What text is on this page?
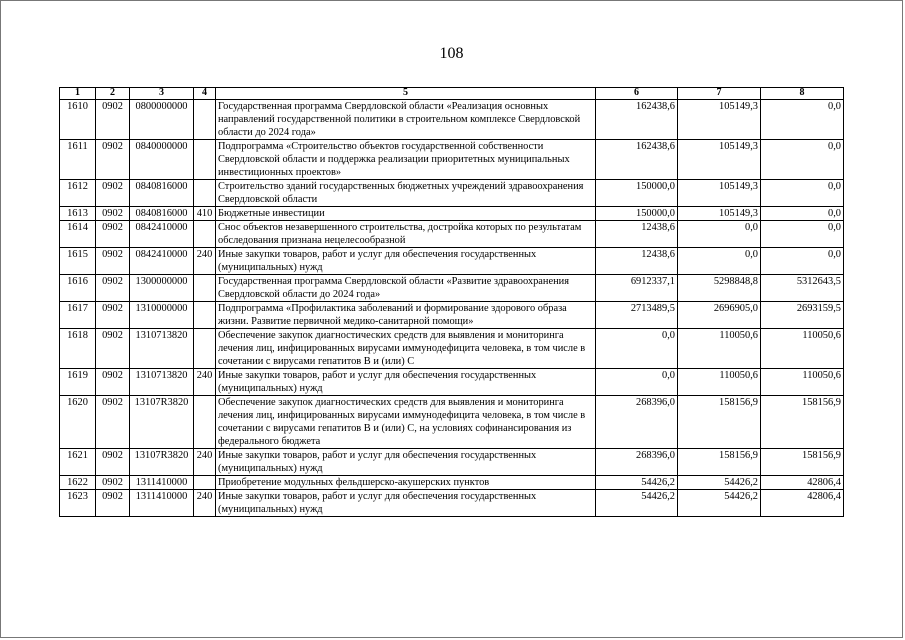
108
1	2	3	4	5	6	7	8
1610	0902	0800000000		Государственная программа Свердловской области «Реализация основных направлений государственной политики в строительном комплексе Свердловской области до 2024 года»	162438,6	105149,3	0,0
1611	0902	0840000000		Подпрограмма «Строительство объектов государственной собственности Свердловской области и поддержка реализации приоритетных муниципальных инвестиционных проектов»	162438,6	105149,3	0,0
1612	0902	0840816000		Строительство зданий государственных бюджетных учреждений здравоохранения Свердловской области	150000,0	105149,3	0,0
1613	0902	0840816000	410	Бюджетные инвестиции	150000,0	105149,3	0,0
1614	0902	0842410000		Снос объектов незавершенного строительства, достройка которых по результатам обследования признана нецелесообразной	12438,6	0,0	0,0
1615	0902	0842410000	240	Иные закупки товаров, работ и услуг для обеспечения государственных (муниципальных) нужд	12438,6	0,0	0,0
1616	0902	1300000000		Государственная программа Свердловской области «Развитие здравоохранения Свердловской области до 2024 года»	6912337,1	5298848,8	5312643,5
1617	0902	1310000000		Подпрограмма «Профилактика заболеваний и формирование здорового образа жизни. Развитие первичной медико-санитарной помощи»	2713489,5	2696905,0	2693159,5
1618	0902	1310713820		Обеспечение закупок диагностических средств для выявления и мониторинга лечения лиц, инфицированных вирусами иммунодефицита человека, в том числе в сочетании с вирусами гепатитов В и (или) С	0,0	110050,6	110050,6
1619	0902	1310713820	240	Иные закупки товаров, работ и услуг для обеспечения государственных (муниципальных) нужд	0,0	110050,6	110050,6
1620	0902	13107R3820		Обеспечение закупок диагностических средств для выявления и мониторинга лечения лиц, инфицированных вирусами иммунодефицита человека, в том числе в сочетании с вирусами гепатитов В и (или) С, на условиях софинансирования из федерального бюджета	268396,0	158156,9	158156,9
1621	0902	13107R3820	240	Иные закупки товаров, работ и услуг для обеспечения государственных (муниципальных) нужд	268396,0	158156,9	158156,9
1622	0902	1311410000		Приобретение модульных фельдшерско-акушерских пунктов	54426,2	54426,2	42806,4
1623	0902	1311410000	240	Иные закупки товаров, работ и услуг для обеспечения государственных (муниципальных) нужд	54426,2	54426,2	42806,4
